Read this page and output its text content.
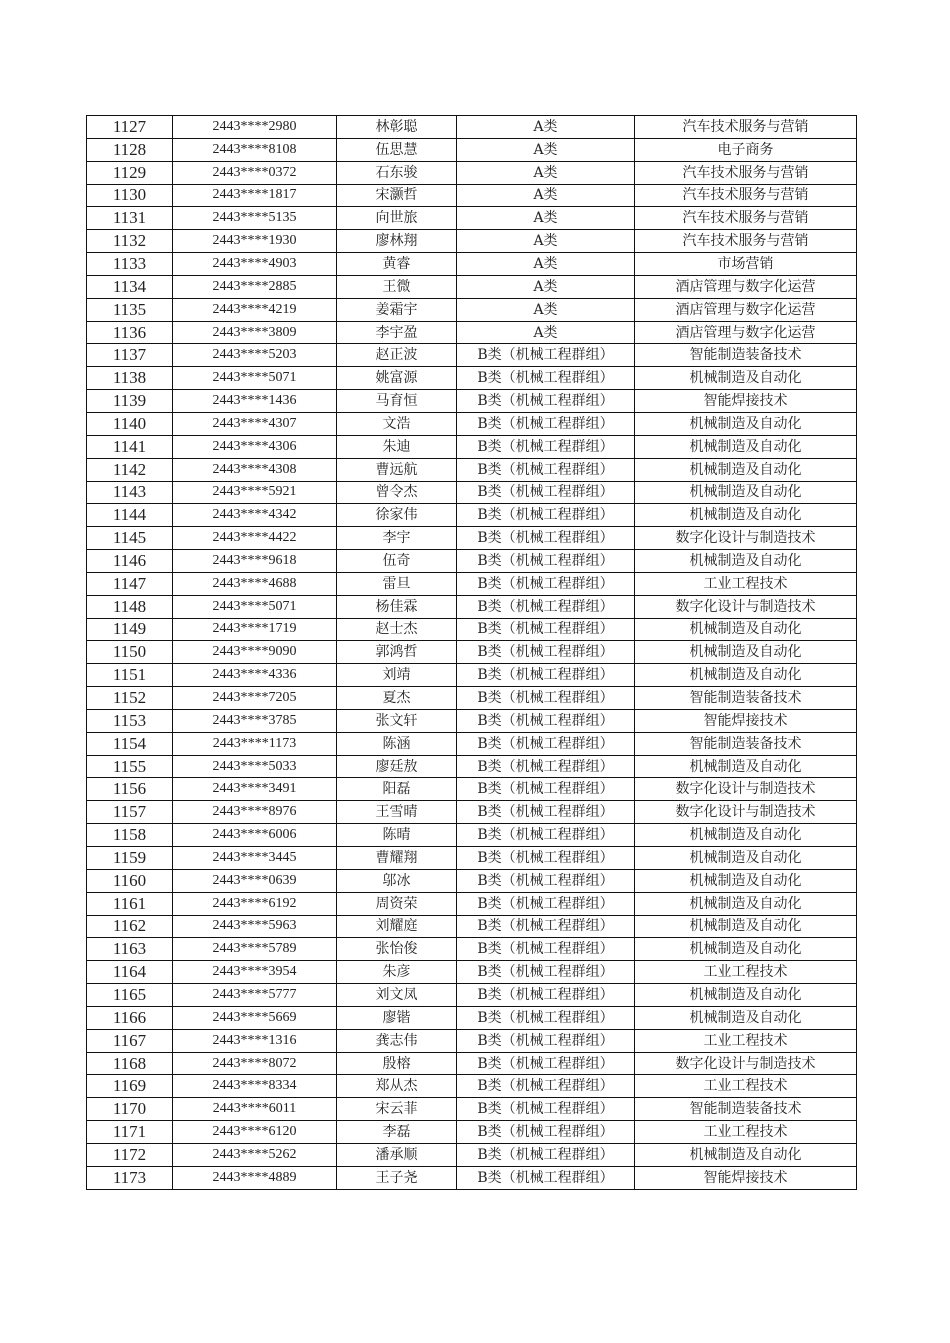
1127	2443****2980	林彰聪	A类	汽车技术服务与营销
1128	2443****8108	伍思慧	A类	电子商务
1129	2443****0372	石东骏	A类	汽车技术服务与营销
1130	2443****1817	宋灏哲	A类	汽车技术服务与营销
1131	2443****5135	向世旅	A类	汽车技术服务与营销
1132	2443****1930	廖林翔	A类	汽车技术服务与营销
1133	2443****4903	黄睿	A类	市场营销
1134	2443****2885	王微	A类	酒店管理与数字化运营
1135	2443****4219	姜霜宇	A类	酒店管理与数字化运营
1136	2443****3809	李宇盈	A类	酒店管理与数字化运营
1137	2443****5203	赵正波	B类（机械工程群组）	智能制造装备技术
1138	2443****5071	姚富源	B类（机械工程群组）	机械制造及自动化
1139	2443****1436	马育恒	B类（机械工程群组）	智能焊接技术
1140	2443****4307	文浩	B类（机械工程群组）	机械制造及自动化
1141	2443****4306	朱迪	B类（机械工程群组）	机械制造及自动化
1142	2443****4308	曹远航	B类（机械工程群组）	机械制造及自动化
1143	2443****5921	曾令杰	B类（机械工程群组）	机械制造及自动化
1144	2443****4342	徐家伟	B类（机械工程群组）	机械制造及自动化
1145	2443****4422	李宇	B类（机械工程群组）	数字化设计与制造技术
1146	2443****9618	伍奇	B类（机械工程群组）	机械制造及自动化
1147	2443****4688	雷旦	B类（机械工程群组）	工业工程技术
1148	2443****5071	杨佳霖	B类（机械工程群组）	数字化设计与制造技术
1149	2443****1719	赵士杰	B类（机械工程群组）	机械制造及自动化
1150	2443****9090	郭鸿哲	B类（机械工程群组）	机械制造及自动化
1151	2443****4336	刘靖	B类（机械工程群组）	机械制造及自动化
1152	2443****7205	夏杰	B类（机械工程群组）	智能制造装备技术
1153	2443****3785	张文轩	B类（机械工程群组）	智能焊接技术
1154	2443****1173	陈涵	B类（机械工程群组）	智能制造装备技术
1155	2443****5033	廖廷敖	B类（机械工程群组）	机械制造及自动化
1156	2443****3491	阳磊	B类（机械工程群组）	数字化设计与制造技术
1157	2443****8976	王雪晴	B类（机械工程群组）	数字化设计与制造技术
1158	2443****6006	陈晴	B类（机械工程群组）	机械制造及自动化
1159	2443****3445	曹耀翔	B类（机械工程群组）	机械制造及自动化
1160	2443****0639	邬冰	B类（机械工程群组）	机械制造及自动化
1161	2443****6192	周资荣	B类（机械工程群组）	机械制造及自动化
1162	2443****5963	刘耀庭	B类（机械工程群组）	机械制造及自动化
1163	2443****5789	张怡俊	B类（机械工程群组）	机械制造及自动化
1164	2443****3954	朱彦	B类（机械工程群组）	工业工程技术
1165	2443****5777	刘文凤	B类（机械工程群组）	机械制造及自动化
1166	2443****5669	廖锴	B类（机械工程群组）	机械制造及自动化
1167	2443****1316	龚志伟	B类（机械工程群组）	工业工程技术
1168	2443****8072	殷榕	B类（机械工程群组）	数字化设计与制造技术
1169	2443****8334	郑从杰	B类（机械工程群组）	工业工程技术
1170	2443****6011	宋云菲	B类（机械工程群组）	智能制造装备技术
1171	2443****6120	李磊	B类（机械工程群组）	工业工程技术
1172	2443****5262	潘承顺	B类（机械工程群组）	机械制造及自动化
1173	2443****4889	王子尧	B类（机械工程群组）	智能焊接技术
